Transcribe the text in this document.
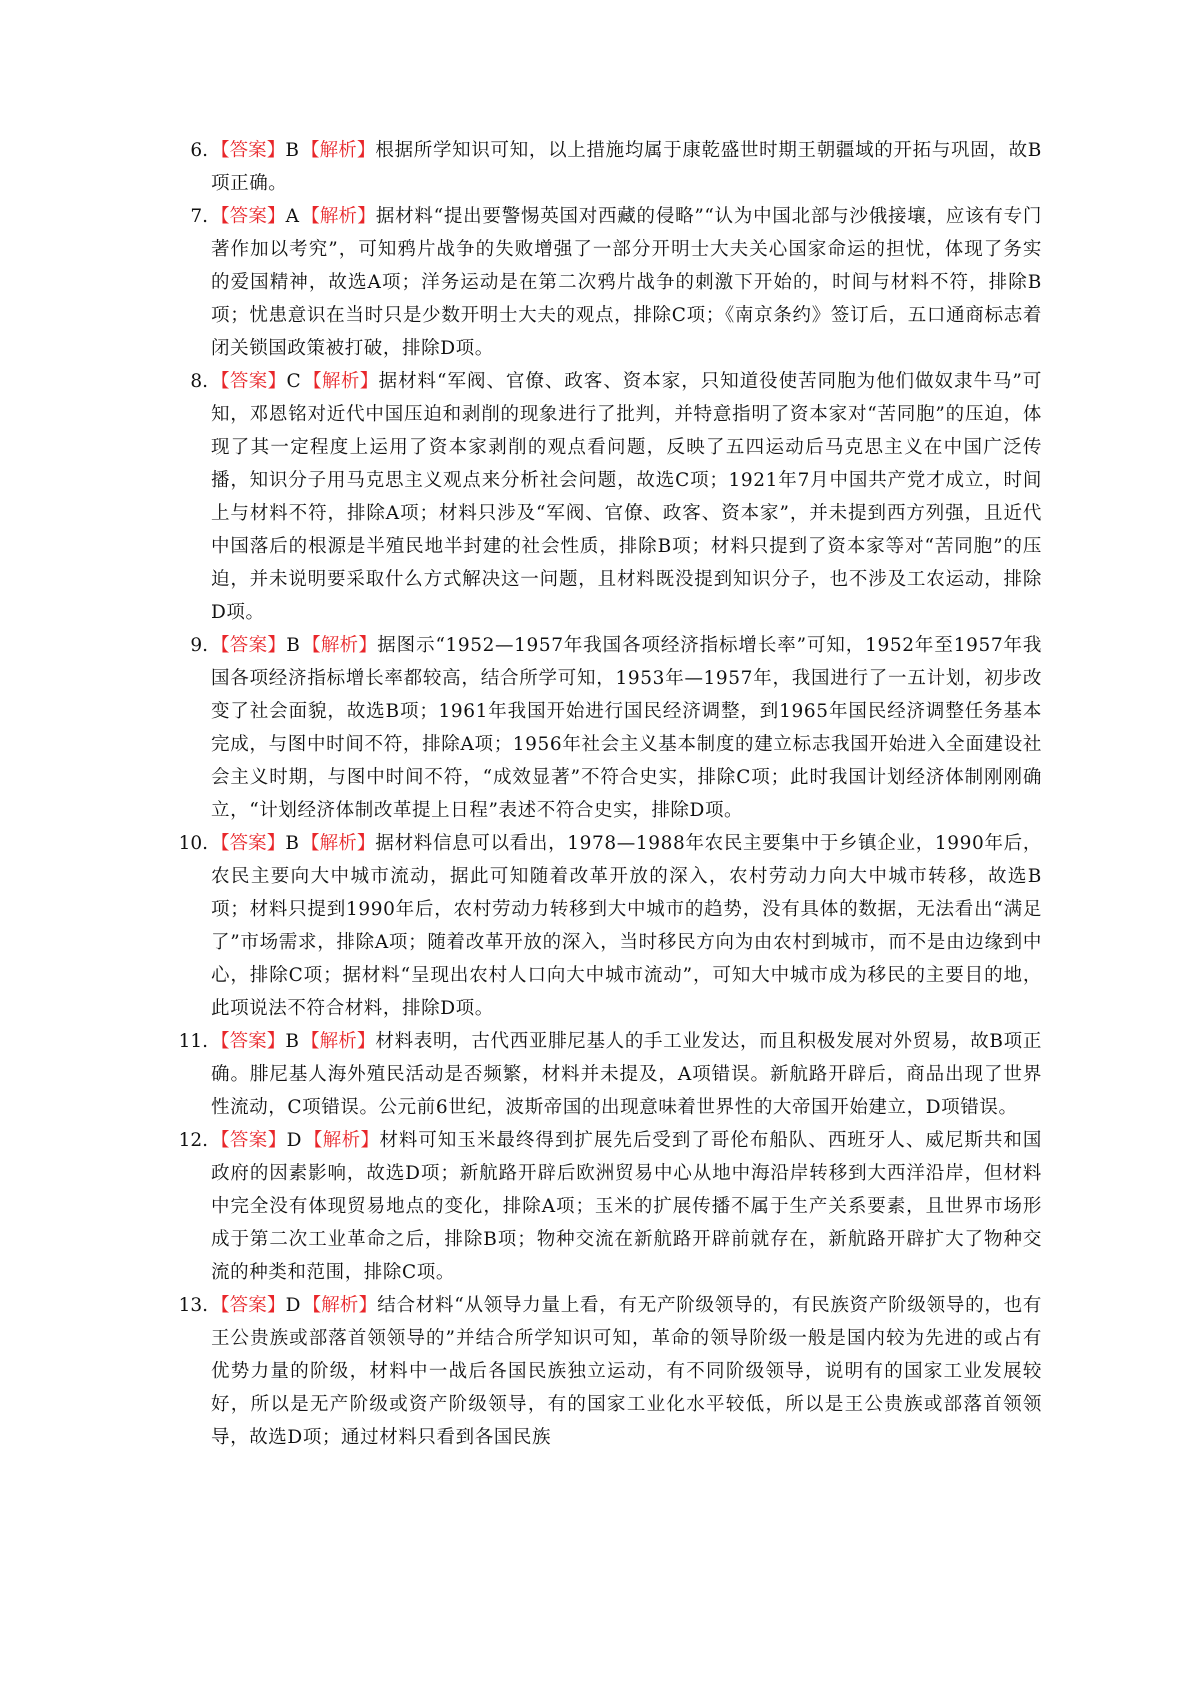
6. 【答案】B 【解析】根据所学知识可知，以上措施均属于康乾盛世时期王朝疆域的开拓与巩固，故B项正确。

7. 【答案】A 【解析】据材料“提出要警惕英国对西藏的侵略”“认为中国北部与沙俄接壤，应该有专门著作加以考究”，可知鸦片战争的失败增强了一部分开明士大夫关心国家命运的担忧，体现了务实的爱国精神，故选A项；洋务运动是在第二次鸦片战争的刺激下开始的，时间与材料不符，排除B项；忧患意识在当时只是少数开明士大夫的观点，排除C项；《南京条约》签订后，五口通商标志着闭关锁国政策被打破，排除D项。

8. 【答案】C 【解析】据材料“军阀、官僚、政客、资本家，只知道役使苦同胞为他们做奴隶牛马”可知，邓恩铭对近代中国压迫和剥削的现象进行了批判，并特意指明了资本家对“苦同胞”的压迫，体现了其一定程度上运用了资本家剥削的观点看问题，反映了五四运动后马克思主义在中国广泛传播，知识分子用马克思主义观点来分析社会问题，故选C项；1921年7月中国共产党才成立，时间上与材料不符，排除A项；材料只涉及“军阀、官僚、政客、资本家”，并未提到西方列强，且近代中国落后的根源是半殖民地半封建的社会性质，排除B项；材料只提到了资本家等对“苦同胞”的压迫，并未说明要采取什么方式解决这一问题，且材料既没提到知识分子，也不涉及工农运动，排除D项。

9. 【答案】B 【解析】据图示“1952—1957年我国各项经济指标增长率”可知，1952年至1957年我国各项经济指标增长率都较高，结合所学可知，1953年—1957年，我国进行了一五计划，初步改变了社会面貌，故选B项；1961年我国开始进行国民经济调整，到1965年国民经济调整任务基本完成，与图中时间不符，排除A项；1956年社会主义基本制度的建立标志我国开始进入全面建设社会主义时期，与图中时间不符，“成效显著”不符合史实，排除C项；此时我国计划经济体制刚刚确立，“计划经济体制改革提上日程”表述不符合史实，排除D项。

10. 【答案】B 【解析】据材料信息可以看出，1978—1988年农民主要集中于乡镇企业，1990年后，农民主要向大中城市流动，据此可知随着改革开放的深入，农村劳动力向大中城市转移，故选B项；材料只提到1990年后，农村劳动力转移到大中城市的趋势，没有具体的数据，无法看出“满足了”市场需求，排除A项；随着改革开放的深入，当时移民方向为由农村到城市，而不是由边缘到中心，排除C项；据材料“呈现出农村人口向大中城市流动”，可知大中城市成为移民的主要目的地，此项说法不符合材料，排除D项。

11. 【答案】B 【解析】材料表明，古代西亚腓尼基人的手工业发达，而且积极发展对外贸易，故B项正确。腓尼基人海外殖民活动是否频繁，材料并未提及，A项错误。新航路开辟后，商品出现了世界性流动，C项错误。公元前6世纪，波斯帝国的出现意味着世界性的大帝国开始建立，D项错误。

12. 【答案】D 【解析】材料可知玉米最终得到扩展先后受到了哥伦布船队、西班牙人、威尼斯共和国政府的因素影响，故选D项；新航路开辟后欧洲贸易中心从地中海沿岸转移到大西洋沿岸，但材料中完全没有体现贸易地点的变化，排除A项；玉米的扩展传播不属于生产关系要素，且世界市场形成于第二次工业革命之后，排除B项；物种交流在新航路开辟前就存在，新航路开辟扩大了物种交流的种类和范围，排除C项。

13. 【答案】D 【解析】结合材料“从领导力量上看，有无产阶级领导的，有民族资产阶级领导的，也有王公贵族或部落首领领导的”并结合所学知识可知，革命的领导阶级一般是国内较为先进的或占有优势力量的阶级，材料中一战后各国民族独立运动，有不同阶级领导，说明有的国家工业发展较好，所以是无产阶级或资产阶级领导，有的国家工业化水平较低，所以是王公贵族或部落首领领导，故选D项；通过材料只看到各国民族
